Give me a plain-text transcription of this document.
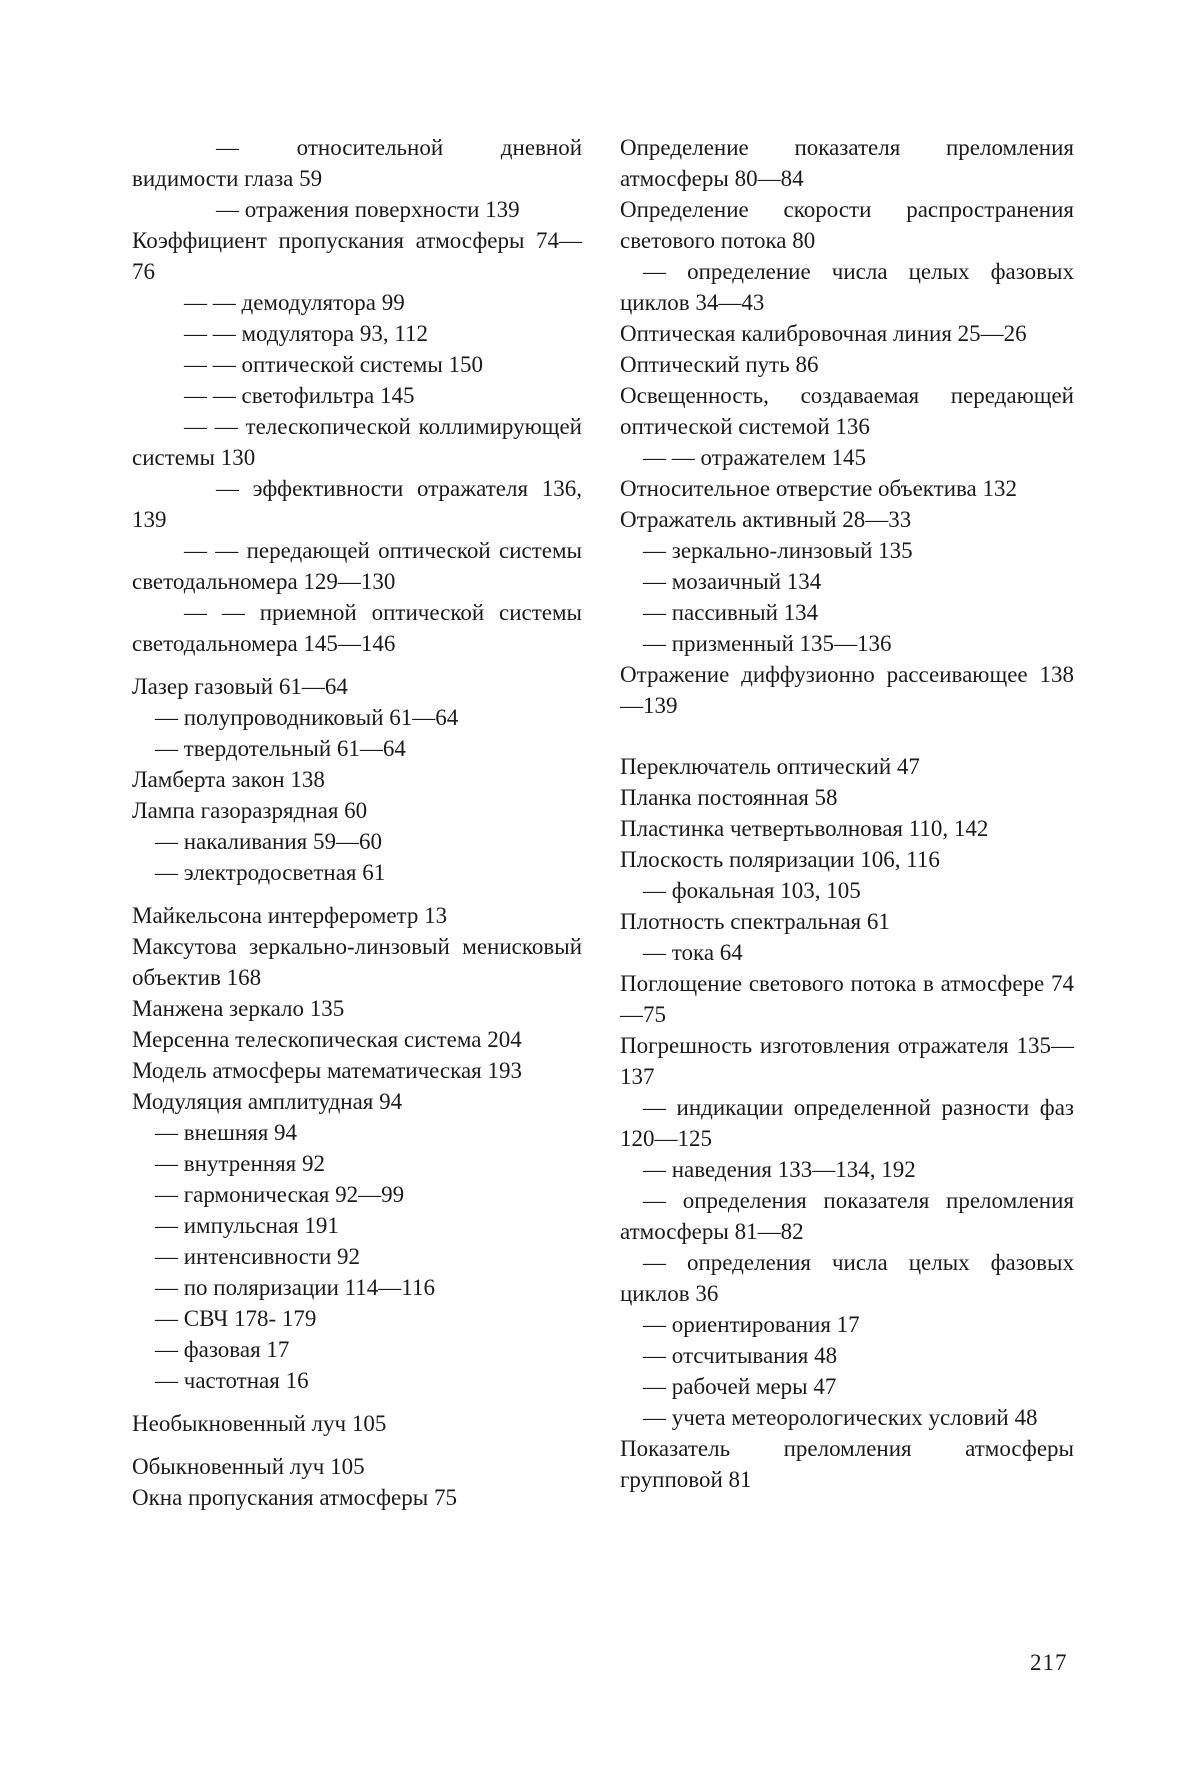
— относительной дневной видимости глаза 59
— отражения поверхности 139
Коэффициент пропускания атмосферы 74—76
— — демодулятора 99
— — модулятора 93, 112
— — оптической системы 150
— — светофильтра 145
— — телескопической коллимирующей системы 130
— эффективности отражателя 136, 139
— — передающей оптической системы светодальномера 129—130
— — приемной оптической системы светодальномера 145—146
Лазер газовый 61—64
— полупроводниковый 61—64
— твердотельный 61—64
Ламберта закон 138
Лампа газоразрядная 60
— накаливания 59—60
— электродосветная 61
Майкельсона интерферометр 13
Максутова зеркально-линзовый менисковый объектив 168
Манжена зеркало 135
Мерсенна телескопическая система 204
Модель атмосферы математическая 193
Модуляция амплитудная 94
— внешняя 94
— внутренняя 92
— гармоническая 92—99
— импульсная 191
— интенсивности 92
— по поляризации 114—116
— СВЧ 178- 179
— фазовая 17
— частотная 16
Необыкновенный луч 105
Обыкновенный луч 105
Окна пропускания атмосферы 75
Определение показателя преломления атмосферы 80—84
Определение скорости распространения светового потока 80
— определение числа целых фазовых циклов 34—43
Оптическая калибровочная линия 25—26
Оптический путь 86
Освещенность, создаваемая передающей оптической системой 136
— — отражателем 145
Относительное отверстие объектива 132
Отражатель активный 28—33
— зеркально-линзовый 135
— мозаичный 134
— пассивный 134
— призменный 135—136
Отражение диффузионно рассеивающее 138—139
Переключатель оптический 47
Планка постоянная 58
Пластинка четвертьволновая 110, 142
Плоскость поляризации 106, 116
— фокальная 103, 105
Плотность спектральная 61
— тока 64
Поглощение светового потока в атмосфере 74—75
Погрешность изготовления отражателя 135—137
— индикации определенной разности фаз 120—125
— наведения 133—134, 192
— определения показателя преломления атмосферы 81—82
— определения числа целых фазовых циклов 36
— ориентирования 17
— отсчитывания 48
— рабочей меры 47
— учета метеорологических условий 48
Показатель преломления атмосферы групповой 81
217
